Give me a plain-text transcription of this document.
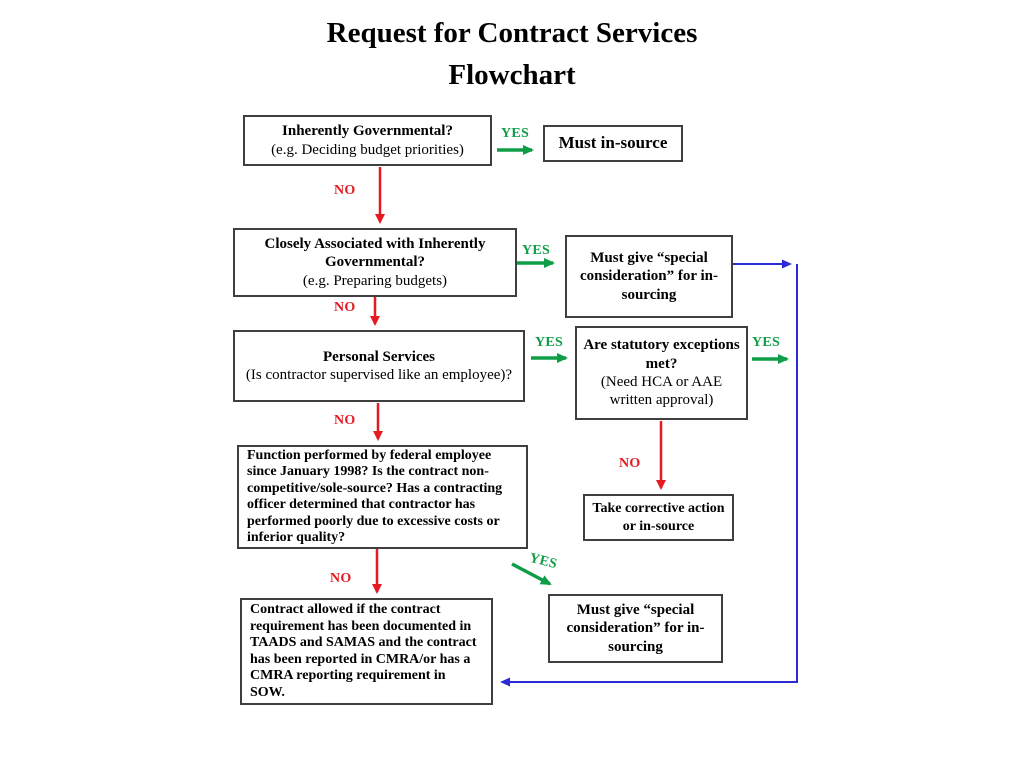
Request for Contract Services
Flowchart
Inherently Governmental?
(e.g. Deciding budget priorities)	Must in-source
Closely Associated with Inherently Governmental?
(e.g. Preparing budgets)
Must give “special consideration” for in-sourcing
Personal Services
(Is contractor supervised like an employee)?
Are statutory exceptions met?
(Need HCA or AAE written approval)
Function performed by federal employee since January 1998? Is the contract non-competitive/sole-source? Has a contracting officer determined that contractor has performed poorly due to excessive costs or inferior quality?
Take corrective action or in-source
Contract allowed if the contract requirement has been documented in TAADS and SAMAS and the contract has been reported in CMRA/or has a CMRA reporting requirement in SOW.
Must give “special consideration” for in-sourcing
YES
YES
YES	YES
YES
NO
NO
NO
NO
NO
